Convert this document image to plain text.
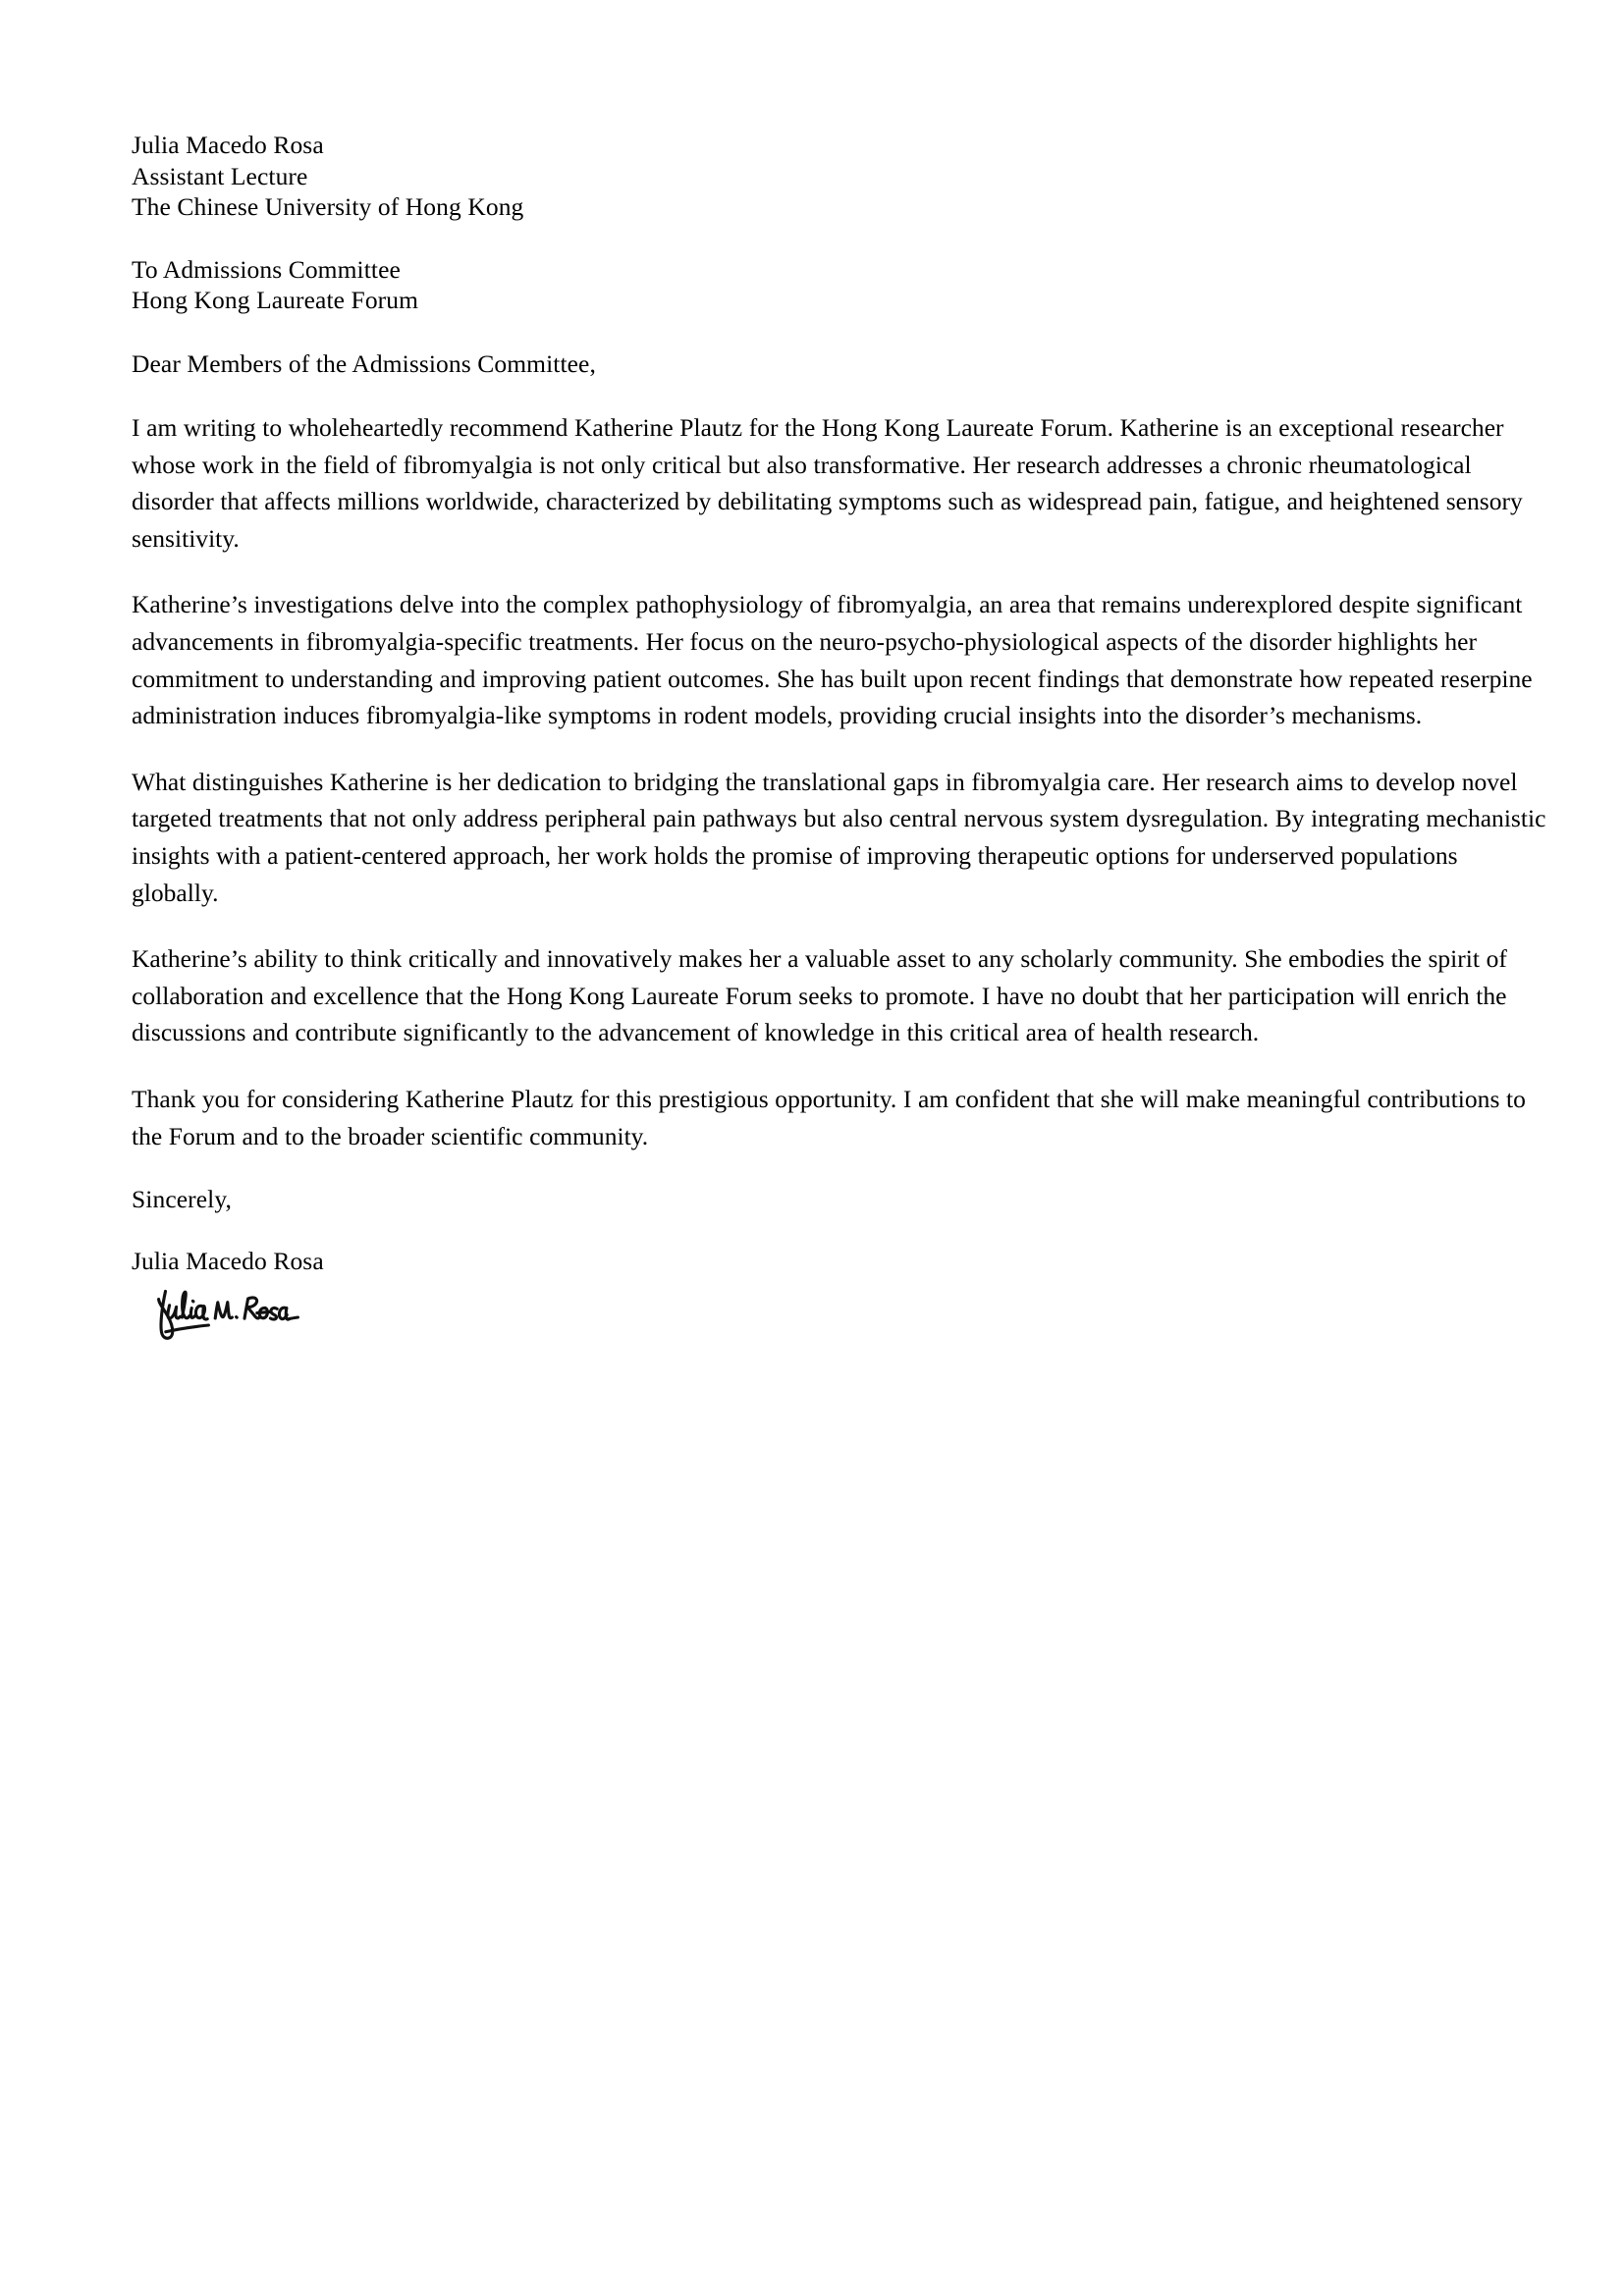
Julia Macedo Rosa
Assistant Lecture
The Chinese University of Hong Kong
To Admissions Committee
Hong Kong Laureate Forum
Dear Members of the Admissions Committee,

I am writing to wholeheartedly recommend Katherine Plautz for the Hong Kong Laureate Forum. Katherine is an exceptional researcher whose work in the field of fibromyalgia is not only critical but also transformative. Her research addresses a chronic rheumatological disorder that affects millions worldwide, characterized by debilitating symptoms such as widespread pain, fatigue, and heightened sensory sensitivity.

Katherine’s investigations delve into the complex pathophysiology of fibromyalgia, an area that remains underexplored despite significant advancements in fibromyalgia-specific treatments. Her focus on the neuro-psycho-physiological aspects of the disorder highlights her commitment to understanding and improving patient outcomes. She has built upon recent findings that demonstrate how repeated reserpine administration induces fibromyalgia-like symptoms in rodent models, providing crucial insights into the disorder’s mechanisms.

What distinguishes Katherine is her dedication to bridging the translational gaps in fibromyalgia care. Her research aims to develop novel targeted treatments that not only address peripheral pain pathways but also central nervous system dysregulation. By integrating mechanistic insights with a patient-centered approach, her work holds the promise of improving therapeutic options for underserved populations globally.

Katherine’s ability to think critically and innovatively makes her a valuable asset to any scholarly community. She embodies the spirit of collaboration and excellence that the Hong Kong Laureate Forum seeks to promote. I have no doubt that her participation will enrich the discussions and contribute significantly to the advancement of knowledge in this critical area of health research.

Thank you for considering Katherine Plautz for this prestigious opportunity. I am confident that she will make meaningful contributions to the Forum and to the broader scientific community.

Sincerely,
Julia Macedo Rosa
